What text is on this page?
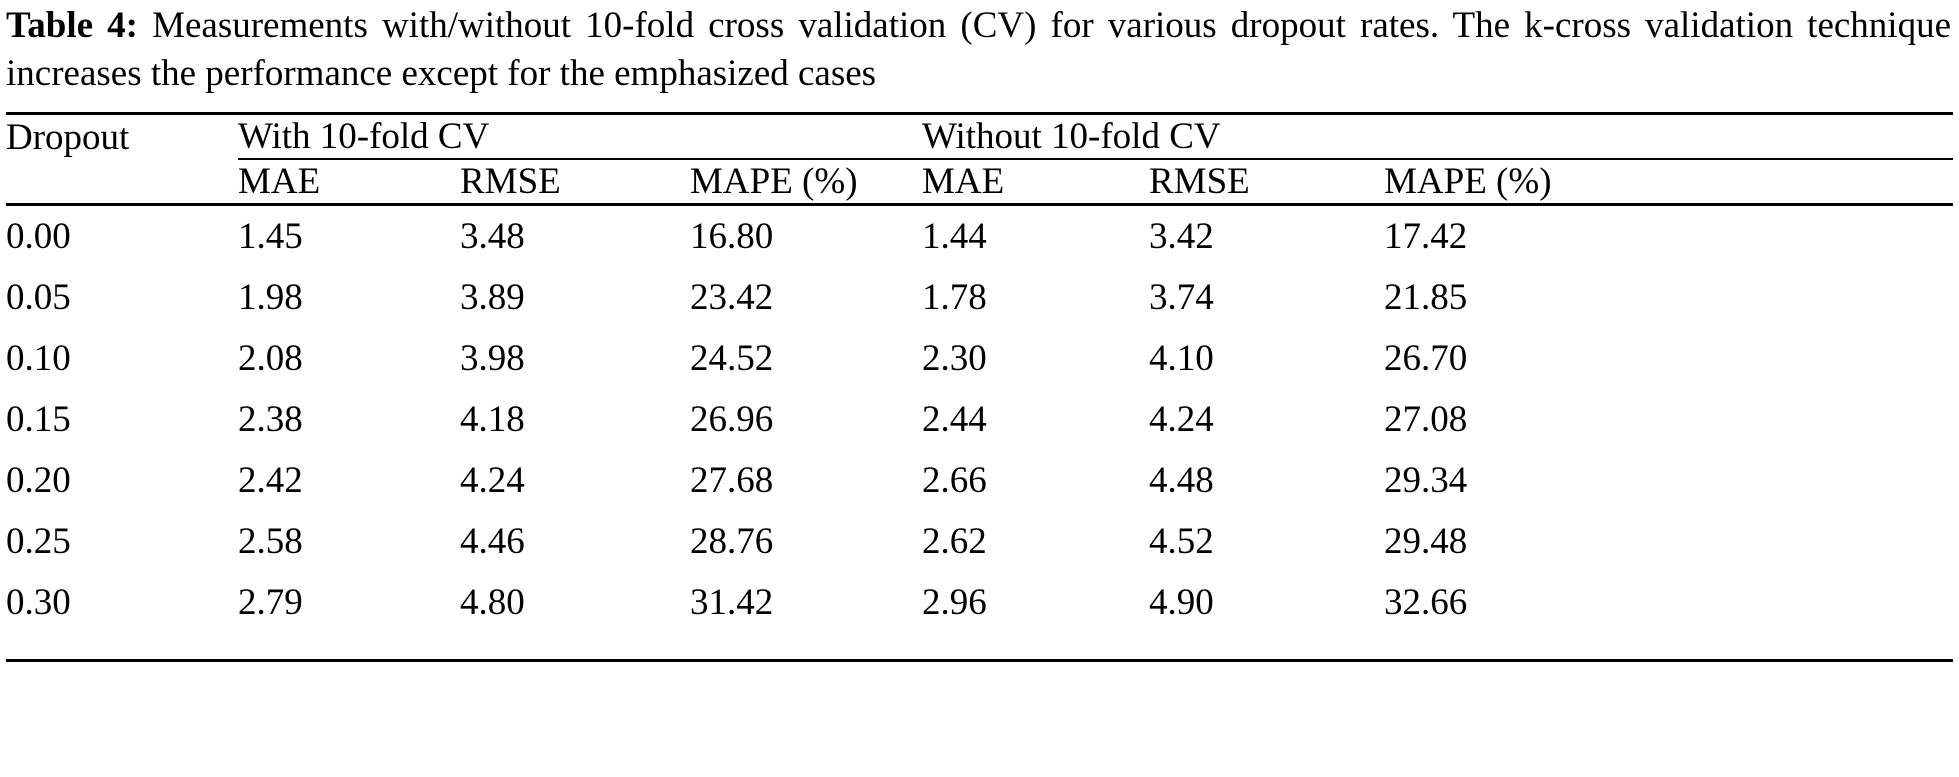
Table 4: Measurements with/without 10-fold cross validation (CV) for various dropout rates. The k-cross validation technique increases the performance except for the emphasized cases

Dropout	With 10-fold CV			Without 10-fold CV		

	MAE	RMSE	MAPE (%)	MAE	RMSE	MAPE (%)

0.00	1.45	3.48	16.80	1.44	3.42	17.42
0.05	1.98	3.89	23.42	1.78	3.74	21.85
0.10	2.08	3.98	24.52	2.30	4.10	26.70
0.15	2.38	4.18	26.96	2.44	4.24	27.08
0.20	2.42	4.24	27.68	2.66	4.48	29.34
0.25	2.58	4.46	28.76	2.62	4.52	29.48
0.30	2.79	4.80	31.42	2.96	4.90	32.66
